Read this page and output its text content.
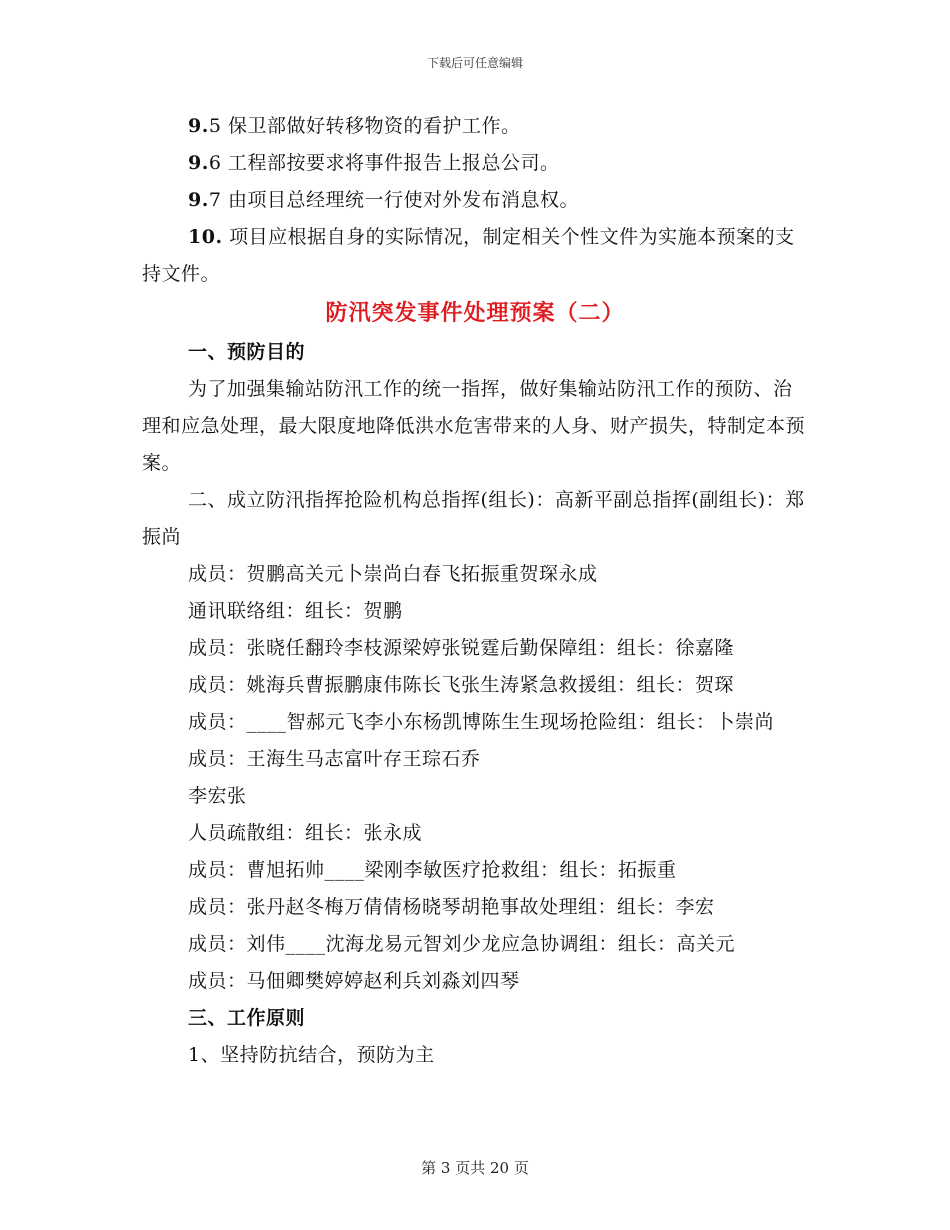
下载后可任意编辑

9.5 保卫部做好转移物资的看护工作。

9.6 工程部按要求将事件报告上报总公司。

9.7 由项目总经理统一行使对外发布消息权。

10. 项目应根据自身的实际情况，制定相关个性文件为实施本预案的支持文件。

防汛突发事件处理预案（二）

一、预防目的

为了加强集输站防汛工作的统一指挥，做好集输站防汛工作的预防、治理和应急处理，最大限度地降低洪水危害带来的人身、财产损失，特制定本预案。

二、成立防汛指挥抢险机构总指挥(组长)：高新平副总指挥(副组长)：郑振尚

成员：贺鹏高关元卜崇尚白春飞拓振重贺琛永成

通讯联络组：组长：贺鹏

成员：张晓任翻玲李枝源梁婷张锐霆后勤保障组：组长：徐嘉隆

成员：姚海兵曹振鹏康伟陈长飞张生涛紧急救援组：组长：贺琛

成员：____智郝元飞李小东杨凯博陈生生现场抢险组：组长：卜崇尚

成员：王海生马志富叶存王琮石乔

李宏张

人员疏散组：组长：张永成

成员：曹旭拓帅____梁刚李敏医疗抢救组：组长：拓振重

成员：张丹赵冬梅万倩倩杨晓琴胡艳事故处理组：组长：李宏

成员：刘伟____沈海龙易元智刘少龙应急协调组：组长：高关元

成员：马佃卿樊婷婷赵利兵刘淼刘四琴

三、工作原则

1、坚持防抗结合，预防为主

第 3 页共 20 页
